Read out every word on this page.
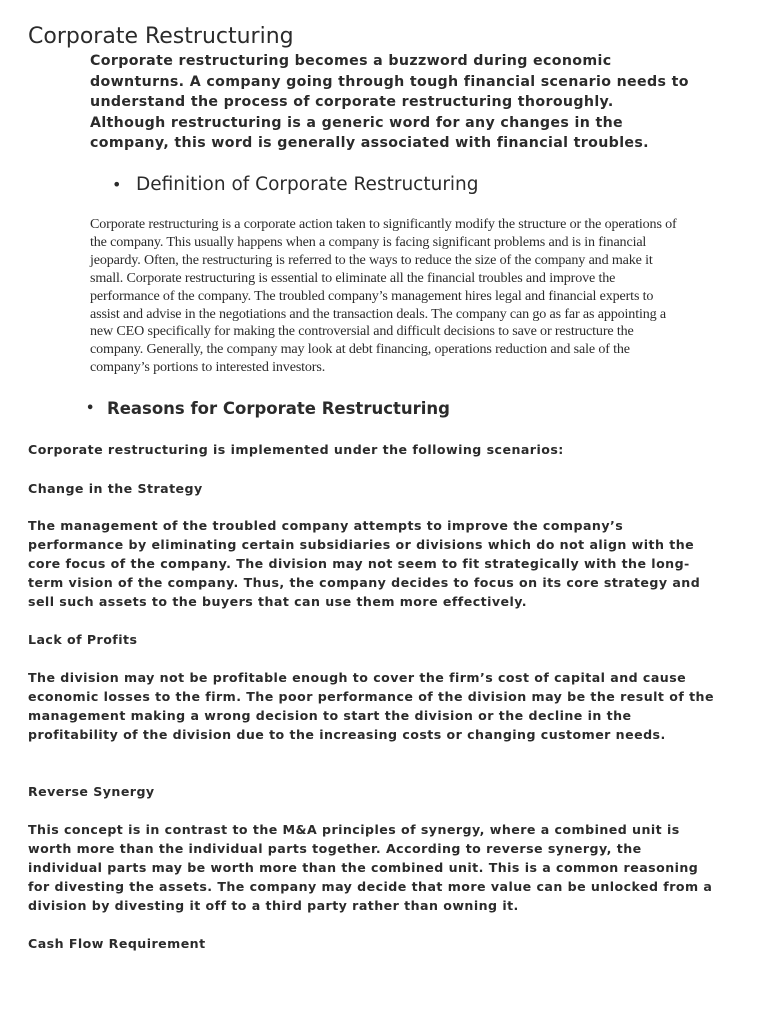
Corporate Restructuring

Corporate restructuring becomes a buzzword during economic downturns. A company going through tough financial scenario needs to understand the process of corporate restructuring thoroughly. Although restructuring is a generic word for any changes in the company, this word is generally associated with financial troubles.

• Definition of Corporate Restructuring

Corporate restructuring is a corporate action taken to significantly modify the structure or the operations of the company. This usually happens when a company is facing significant problems and is in financial jeopardy. Often, the restructuring is referred to the ways to reduce the size of the company and make it small. Corporate restructuring is essential to eliminate all the financial troubles and improve the performance of the company. The troubled company’s management hires legal and financial experts to assist and advise in the negotiations and the transaction deals. The company can go as far as appointing a new CEO specifically for making the controversial and difficult decisions to save or restructure the company. Generally, the company may look at debt financing, operations reduction and sale of the company’s portions to interested investors.

• Reasons for Corporate Restructuring

Corporate restructuring is implemented under the following scenarios:

Change in the Strategy

The management of the troubled company attempts to improve the company’s performance by eliminating certain subsidiaries or divisions which do not align with the core focus of the company. The division may not seem to fit strategically with the long-term vision of the company. Thus, the company decides to focus on its core strategy and sell such assets to the buyers that can use them more effectively.

Lack of Profits

The division may not be profitable enough to cover the firm’s cost of capital and cause economic losses to the firm. The poor performance of the division may be the result of the management making a wrong decision to start the division or the decline in the profitability of the division due to the increasing costs or changing customer needs.

Reverse Synergy

This concept is in contrast to the M&A principles of synergy, where a combined unit is worth more than the individual parts together. According to reverse synergy, the individual parts may be worth more than the combined unit. This is a common reasoning for divesting the assets. The company may decide that more value can be unlocked from a division by divesting it off to a third party rather than owning it.

Cash Flow Requirement
